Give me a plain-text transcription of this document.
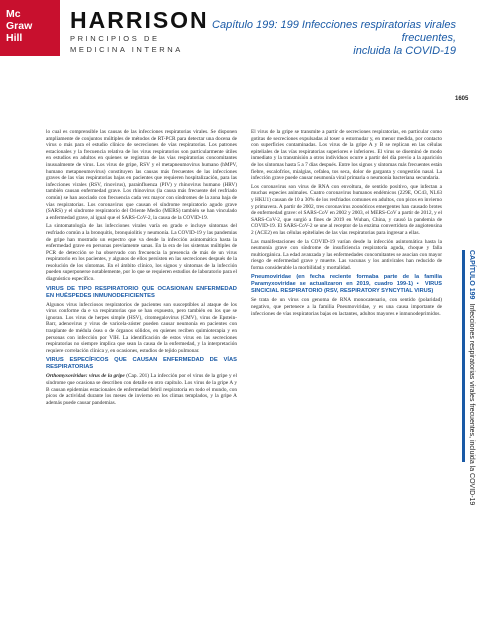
Mc
Graw
Hill
HARRISON
PRINCIPIOS DE
MEDICINA INTERNA
Capítulo 199: 199 Infecciones respiratorias virales frecuentes,
incluida la COVID-19
1605

lo cual es comprensible las causas de las infecciones respiratorias virales. Se disponen ampliamente de conjuntos múltiples de métodos de RT-PCR para detectar una docena de virus o más para el estudio clínico de secreciones de vías respiratorias. Los patrones estacionales y la frecuencia relativa de los virus respiratorios son particularmente útiles en estudios en adultos en quienes se registran de las vías respiratorias concomitantes inusualmente de virus. Los virus de gripe, RSV y el metapneumovirus humano (hMPV, humano metapneumovirus) constituyen las causas más frecuentes de las infecciones graves de las vías respiratorias bajas en pacientes que requieren hospitalización, para las infecciones virales (RSV, rinovirus), parainfluenza (PIV) y rhinovirus humano (HRV) también causan enfermedad grave. Los rhinovirus (la causa más frecuente del resfriado común) se han asociado con frecuencia cada vez mayor con síndromes de la zona baja de vías respiratorias. Los coronavirus que causan el síndrome respiratorio agudo grave (SARS) y el síndrome respiratorio del Oriente Medio (MERS) también se han vinculado a enfermedad grave, al igual que el SARS-CoV-2, la causa de la COVID-19.

La sintomatología de las infecciones virales varía en grado e incluye síntomas del resfriado común a la bronquitis, bronquiolitis y neumonía. La COVID-19 y las pandemias de gripe han mostrado un espectro que va desde la infección asintomática hasta la enfermedad grave en personas previamente sanas. En la era de los sistemas múltiples de PCR de detección se ha observado con frecuencia la presencia de más de un virus respiratorio en los pacientes, y algunos de ellos persisten en las secreciones después de la resolución de los síntomas. En el ámbito clínico, los signos y síntomas de la infección pueden superponerse notablemente, por lo que se requieren estudios de laboratorio para el diagnóstico específico.

VIRUS DE TIPO RESPIRATORIO QUE OCASIONAN ENFERMEDAD EN HUÉSPEDES INMUNODEFICIENTES

Algunos virus infecciosos respiratorios de pacientes son susceptibles al ataque de los virus conforme da e va respiratorias que se han expuesto, pero también en los que se ignoran. Los virus de herpes simple (HSV), citomegalovirus (CMV), virus de Epstein-Barr, adenovirus y virus de varicela-zóster pueden causar neumonía en pacientes con trasplante de médula ósea o de órganos sólidos, en quienes reciben quimioterapia y en personas con infección por VIH. La identificación de estos virus en las secreciones respiratorias no siempre implica que sean la causa de la enfermedad, y la interpretación requiere correlación clínica y, en ocasiones, estudios de tejido pulmonar.

VIRUS ESPECÍFICOS QUE CAUSAN ENFERMEDAD DE VÍAS RESPIRATORIAS

Orthomyxoviridae: virus de la gripe (Cap. 201) La infección por el virus de la gripe y el síndrome que ocasiona se describen con detalle en otro capítulo. Los virus de la gripe A y B causan epidemias estacionales de enfermedad febril respiratoria en todo el mundo, con picos de actividad durante los meses de invierno en los climas templados, y la gripe A además puede causar pandemias.

El virus de la gripe se transmite a partir de secreciones respiratorias, en particular como gotitas de secreciones expulsadas al toser o estornudar y, en menor medida, por contacto con superficies contaminadas. Los virus de la gripe A y B se replican en las células epiteliales de las vías respiratorias superiores e inferiores. El virus se diseminó de modo inmediato y la transmisión a otros individuos ocurre a partir del día previo a la aparición de los síntomas hasta 5 a 7 días después. Entre los signos y síntomas más frecuentes están fiebre, escalofríos, mialgias, cefalea, tos seca, dolor de garganta y congestión nasal. La infección grave puede causar neumonía viral primaria o neumonía bacteriana secundaria.

Los coronavirus son virus de RNA con envoltura, de sentido positivo, que infectan a muchas especies animales. Cuatro coronavirus humanos endémicos (229E, OC43, NL63 y HKU1) causan de 10 a 30% de los resfriados comunes en adultos, con picos en invierno y primavera. A partir de 2002, tres coronavirus zoonóticos emergentes han causado brotes de enfermedad grave: el SARS-CoV en 2002 y 2003, el MERS-CoV a partir de 2012, y el SARS-CoV-2, que surgió a fines de 2019 en Wuhan, China, y causó la pandemia de COVID-19. El SARS-CoV-2 se une al receptor de la enzima convertidora de angiotensina 2 (ACE2) en las células epiteliales de las vías respiratorias para ingresar a ellas.

Las manifestaciones de la COVID-19 varían desde la infección asintomática hasta la neumonía grave con síndrome de insuficiencia respiratoria aguda, choque y falla multiorgánica. La edad avanzada y las enfermedades concomitantes se asocian con mayor riesgo de enfermedad grave y muerte. Las vacunas y los antivirales han reducido de forma considerable la morbilidad y mortalidad.

Pneumoviridae (en fecha reciente formaba parte de la familia Paramyxoviridae se actualizaron en 2019, cuadro 199-1) ▪ VIRUS SINCICIAL RESPIRATORIO (RSV, RESPIRATORY SYNCYTIAL VIRUS)

Se trata de un virus con genoma de RNA monocatenario, con sentido (polaridad) negativo, que pertenece a la familia Pneumoviridae, y es una causa importante de infecciones de vías respiratorias bajas en lactantes, adultos mayores e inmunodeprimidos.

CAPÍTULO 199Infecciones respiratorias virales frecuentes, incluida la COVID-19
